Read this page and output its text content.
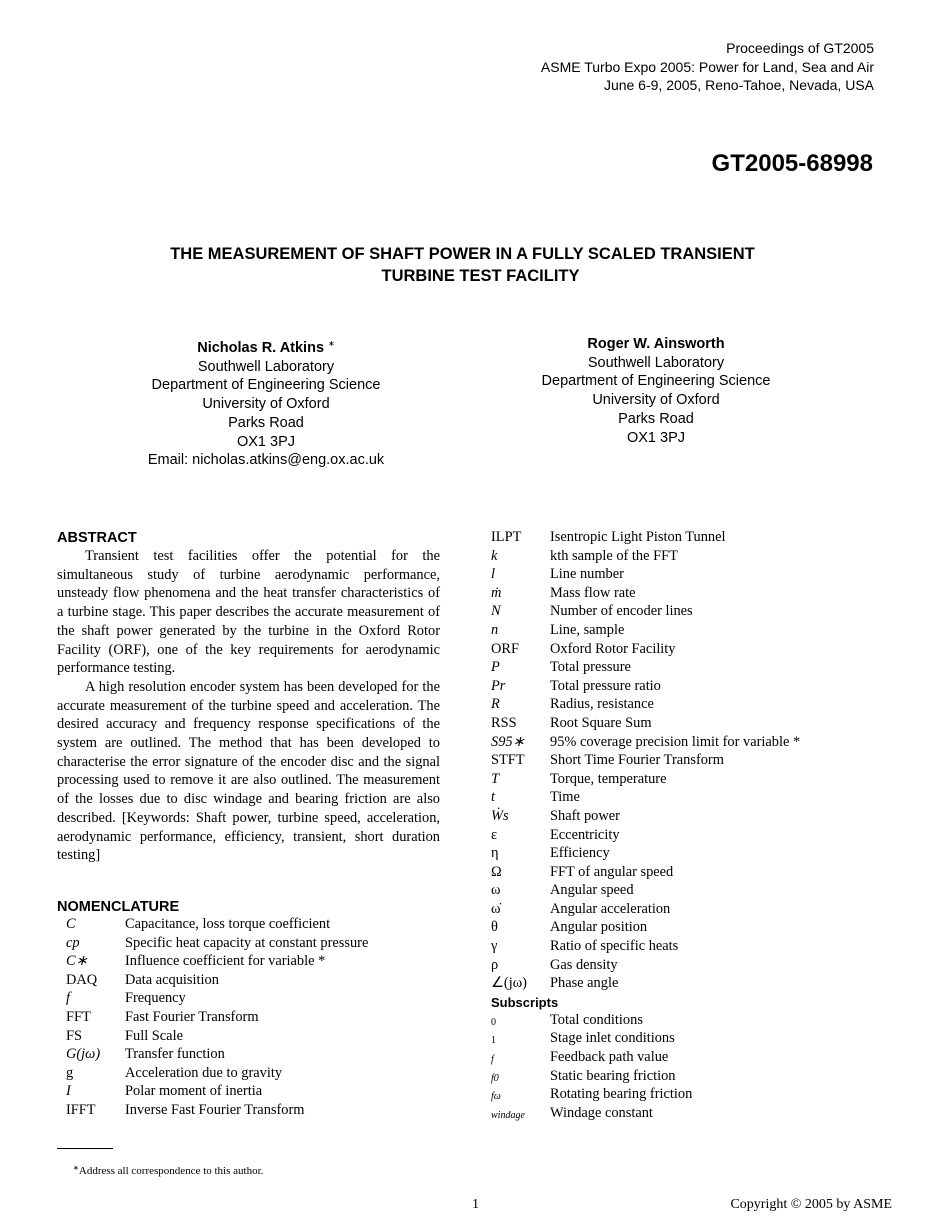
Proceedings of GT2005
ASME Turbo Expo 2005: Power for Land, Sea and Air
June 6-9, 2005, Reno-Tahoe, Nevada, USA
GT2005-68998
THE MEASUREMENT OF SHAFT POWER IN A FULLY SCALED TRANSIENT
TURBINE TEST FACILITY
Nicholas R. Atkins ∗
Southwell Laboratory
Department of Engineering Science
University of Oxford
Parks Road
OX1 3PJ
Email: nicholas.atkins@eng.ox.ac.uk
Roger W. Ainsworth
Southwell Laboratory
Department of Engineering Science
University of Oxford
Parks Road
OX1 3PJ
ABSTRACT

Transient test facilities offer the potential for the simultaneous study of turbine aerodynamic performance, unsteady flow phenomena and the heat transfer characteristics of a turbine stage. This paper describes the accurate measurement of the shaft power generated by the turbine in the Oxford Rotor Facility (ORF), one of the key requirements for aerodynamic performance testing.

A high resolution encoder system has been developed for the accurate measurement of the turbine speed and acceleration. The desired accuracy and frequency response specifications of the system are outlined. The method that has been developed to characterise the error signature of the encoder disc and the signal processing used to remove it are also outlined. The measurement of the losses due to disc windage and bearing friction are also described. [Keywords: Shaft power, turbine speed, acceleration, aerodynamic performance, efficiency, transient, short duration testing]

NOMENCLATURE
C	Capacitance, loss torque coefficient
cp	Specific heat capacity at constant pressure
C∗	Influence coefficient for variable *
DAQ	Data acquisition
f	Frequency
FFT	Fast Fourier Transform
FS	Full Scale
G(jω)	Transfer function
g	Acceleration due to gravity
I	Polar moment of inertia
IFFT	Inverse Fast Fourier Transform
ILPT	Isentropic Light Piston Tunnel
k	kth sample of the FFT
l	Line number
ṁ	Mass flow rate
N	Number of encoder lines
n	Line, sample
ORF	Oxford Rotor Facility
P	Total pressure
Pr	Total pressure ratio
R	Radius, resistance
RSS	Root Square Sum
S95∗	95% coverage precision limit for variable *
STFT	Short Time Fourier Transform
T	Torque, temperature
t	Time
Ẇs	Shaft power
ε	Eccentricity
η	Efficiency
Ω	FFT of angular speed
ω	Angular speed
ω̇	Angular acceleration
θ	Angular position
γ	Ratio of specific heats
ρ	Gas density
∠(jω)	Phase angle
Subscripts
0	Total conditions
1	Stage inlet conditions
f	Feedback path value
f0	Static bearing friction
fω	Rotating bearing friction
windage	Windage constant
∗Address all correspondence to this author.
1	Copyright © 2005 by ASME
